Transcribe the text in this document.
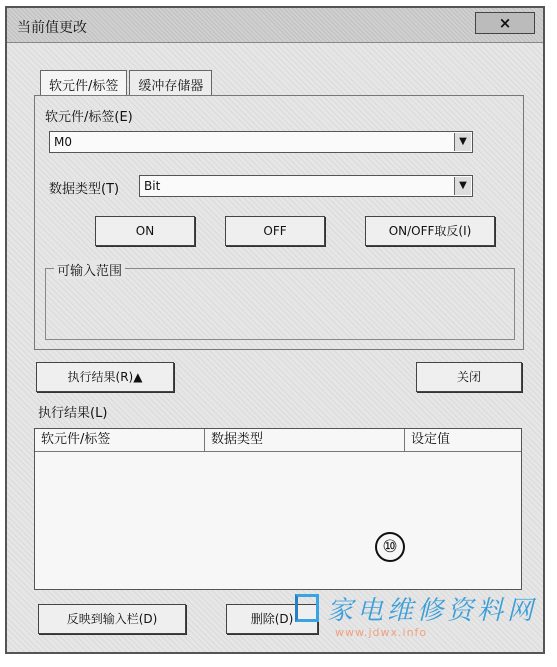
当前值更改	×
软元件/标签	缓冲存储器
软元件/标签(E)
M0	▼
数据类型(T)	Bit	▼
ON	OFF	ON/OFF取反(I)
可输入范围
执行结果(R)▲	关闭
执行结果(L)
软元件/标签	数据类型	设定值
⑩
反映到输入栏(D)	删除(D)	家电维修资料网
www.jdwx.info
